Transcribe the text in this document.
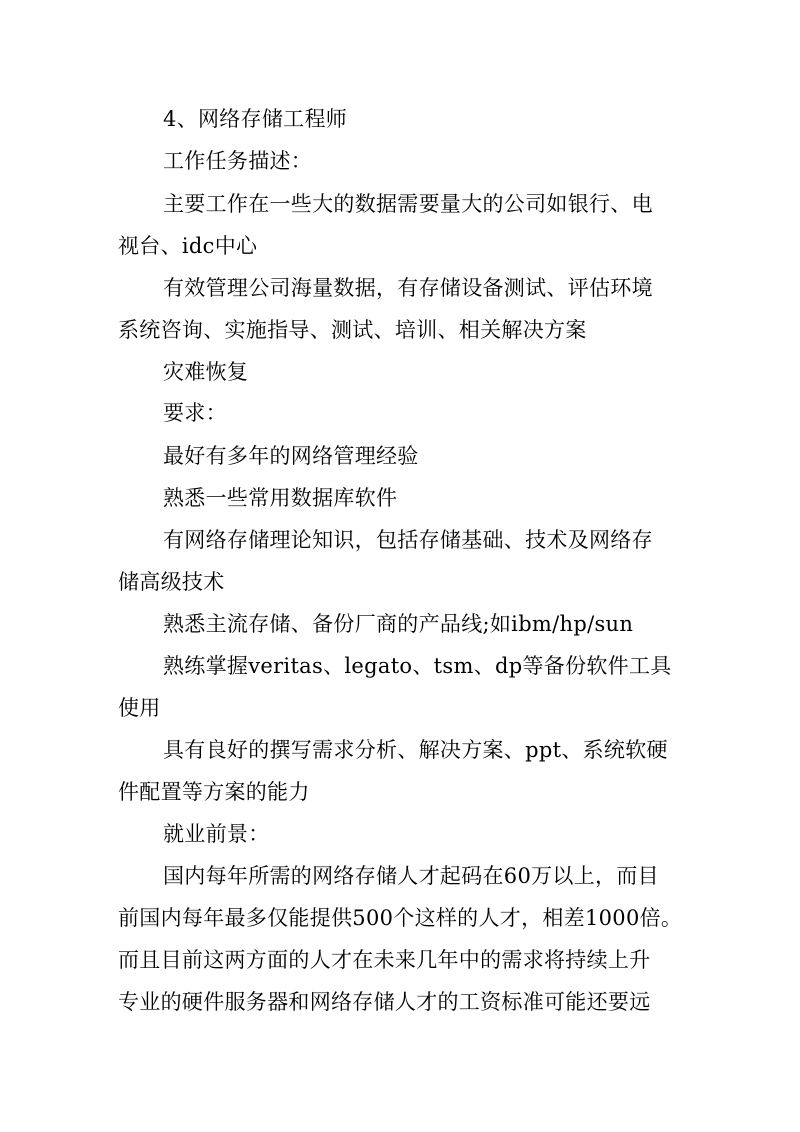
4、网络存储工程师
工作任务描述：
主要工作在一些大的数据需要量大的公司如银行、电
视台、idc中心
有效管理公司海量数据，有存储设备测试、评估环境
系统咨询、实施指导、测试、培训、相关解决方案
灾难恢复
要求：
最好有多年的网络管理经验
熟悉一些常用数据库软件
有网络存储理论知识，包括存储基础、技术及网络存
储高级技术
熟悉主流存储、备份厂商的产品线;如ibm/hp/sun
熟练掌握veritas、legato、tsm、dp等备份软件工具
使用
具有良好的撰写需求分析、解决方案、ppt、系统软硬
件配置等方案的能力
就业前景：
国内每年所需的网络存储人才起码在60万以上，而目
前国内每年最多仅能提供500个这样的人才，相差1000倍。
而且目前这两方面的人才在未来几年中的需求将持续上升
专业的硬件服务器和网络存储人才的工资标准可能还要远
